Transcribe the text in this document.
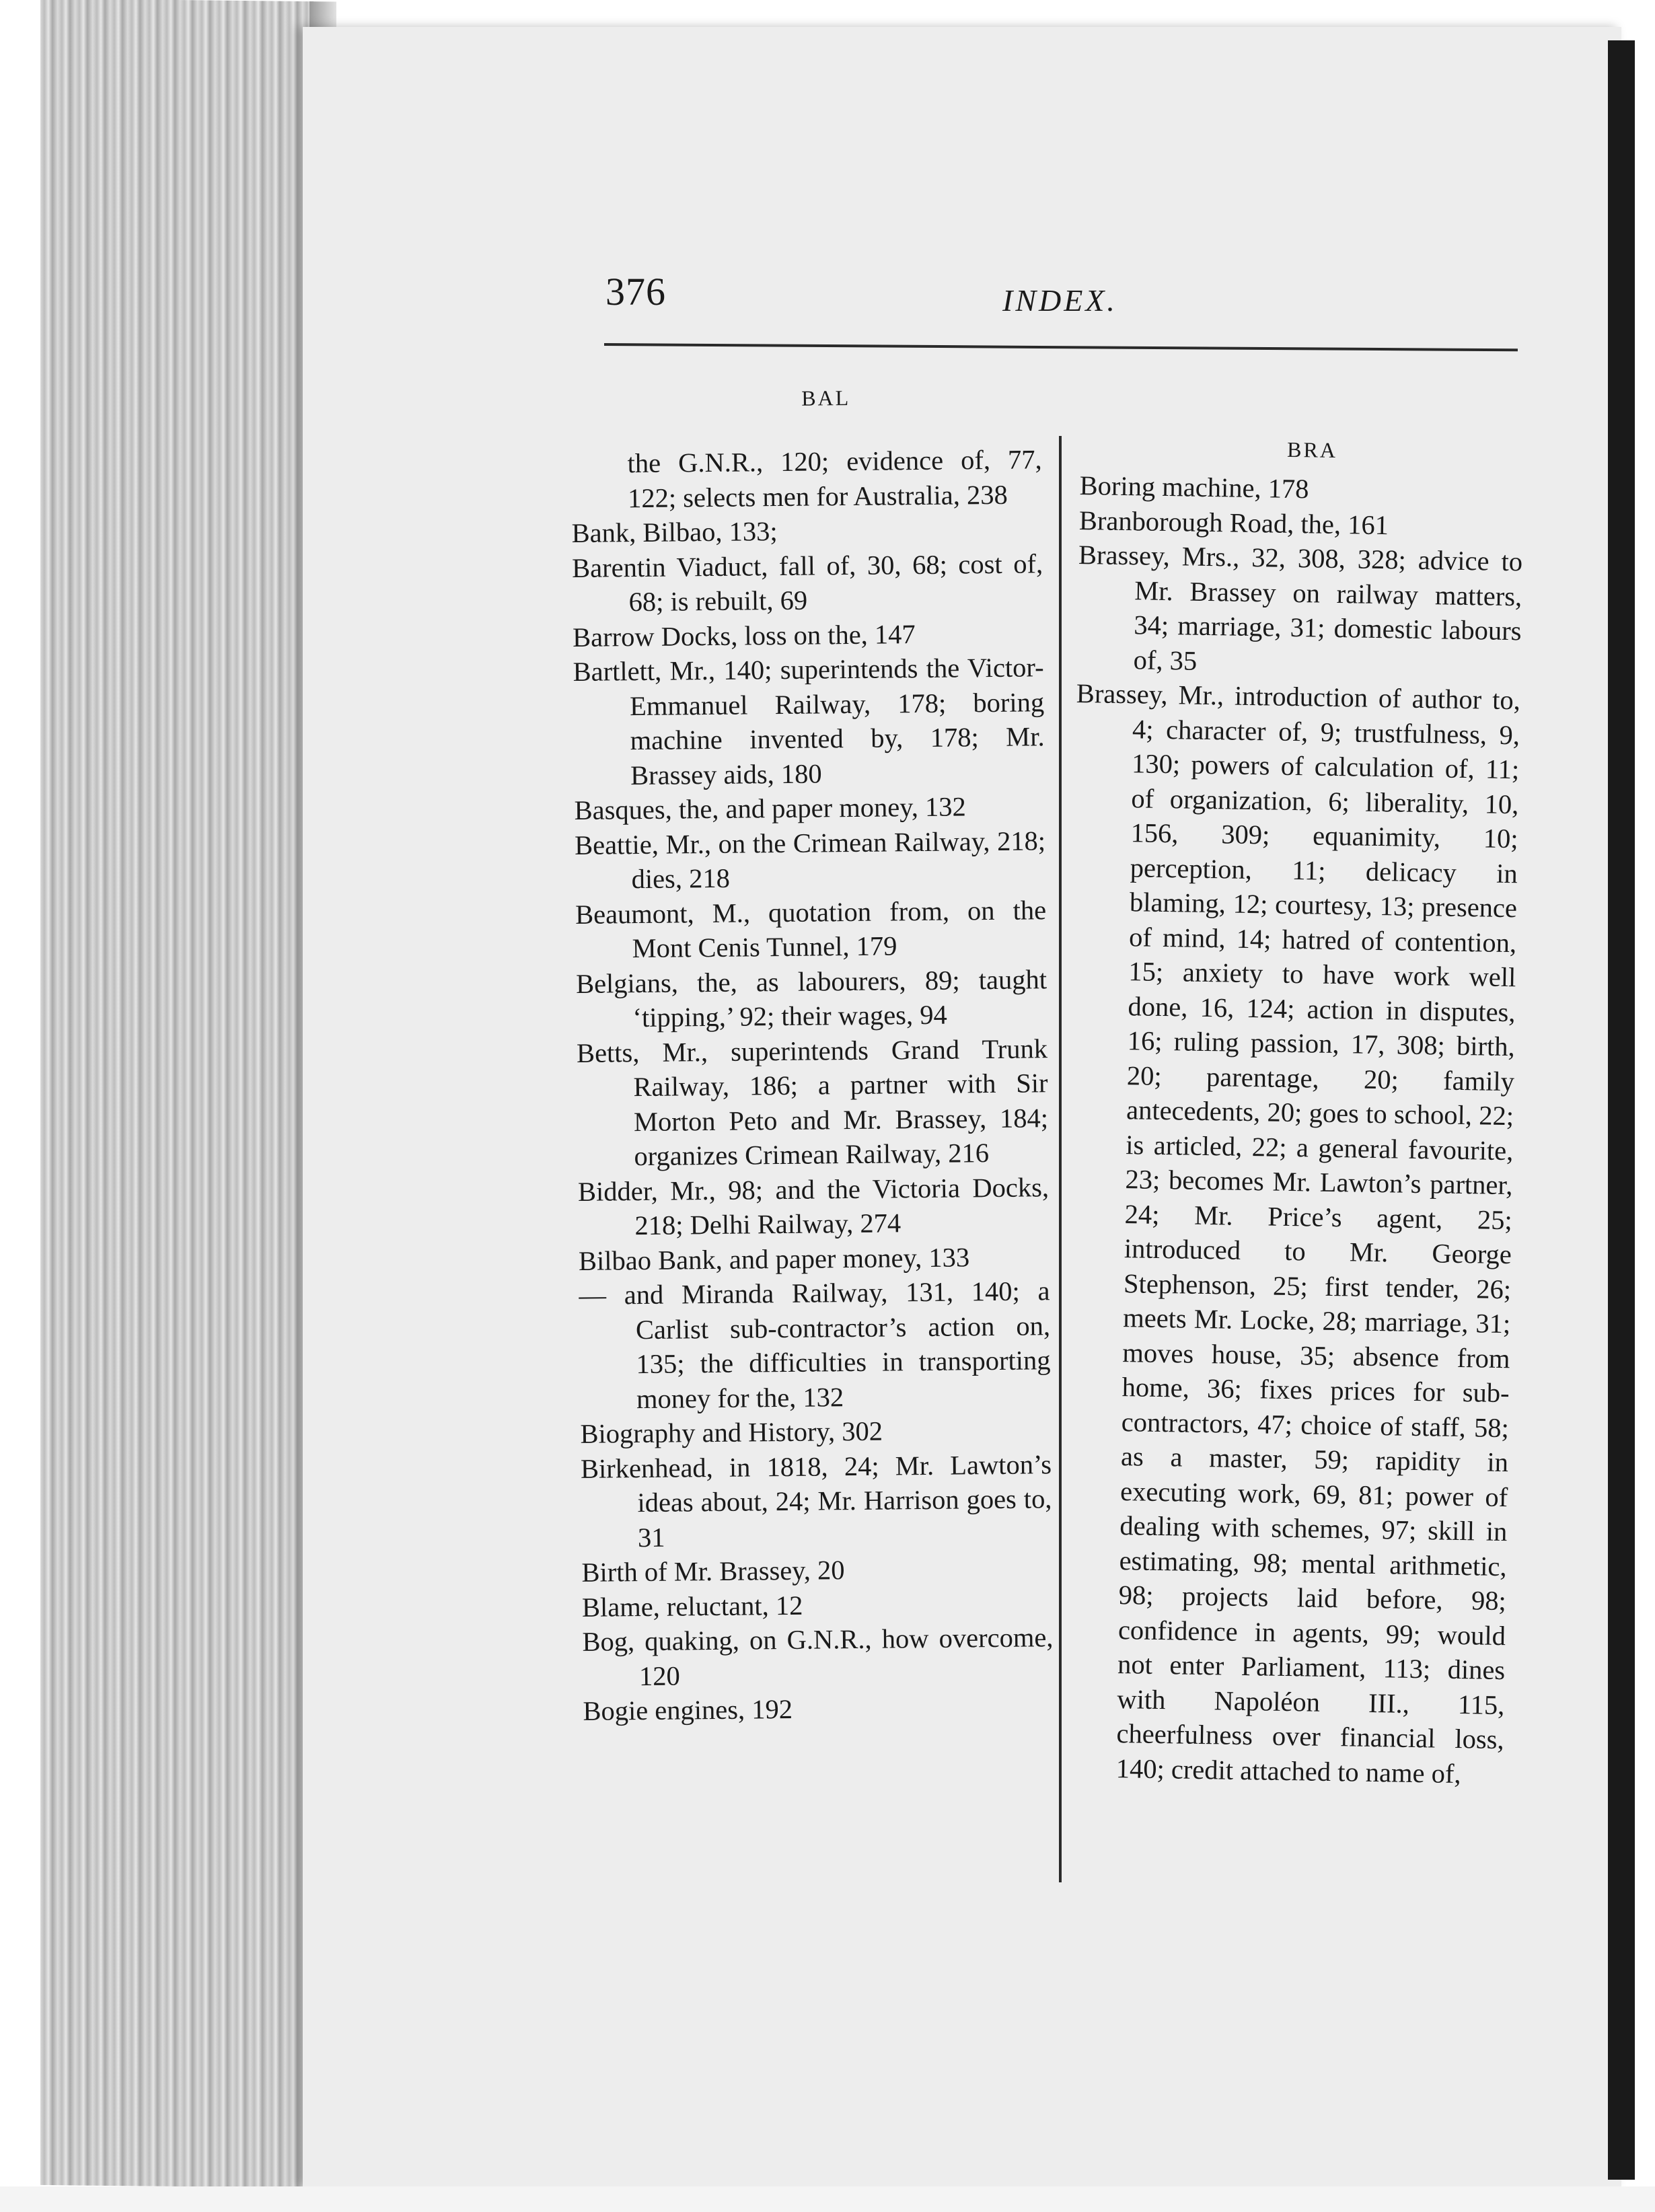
376	INDEX.
BAL

the G.N.R., 120; evidence of, 77, 122; selects men for Australia, 238

Bank, Bilbao, 133;

Barentin Viaduct, fall of, 30, 68; cost of, 68; is rebuilt, 69

Barrow Docks, loss on the, 147

Bartlett, Mr., 140; superintends the Victor-Emmanuel Railway, 178; boring machine invented by, 178; Mr. Brassey aids, 180

Basques, the, and paper money, 132

Beattie, Mr., on the Crimean Railway, 218; dies, 218

Beaumont, M., quotation from, on the Mont Cenis Tunnel, 179

Belgians, the, as labourers, 89; taught ‘tipping,’ 92; their wages, 94

Betts, Mr., superintends Grand Trunk Railway, 186; a partner with Sir Morton Peto and Mr. Brassey, 184; organizes Crimean Railway, 216

Bidder, Mr., 98; and the Victoria Docks, 218; Delhi Railway, 274

Bilbao Bank, and paper money, 133

— and Miranda Railway, 131, 140; a Carlist sub-contractor’s action on, 135; the difficulties in transporting money for the, 132

Biography and History, 302

Birkenhead, in 1818, 24; Mr. Lawton’s ideas about, 24; Mr. Harrison goes to, 31

Birth of Mr. Brassey, 20

Blame, reluctant, 12

Bog, quaking, on G.N.R., how overcome, 120

Bogie engines, 192

BRA

Boring machine, 178

Branborough Road, the, 161

Brassey, Mrs., 32, 308, 328; advice to Mr. Brassey on railway matters, 34; marriage, 31; domestic labours of, 35

Brassey, Mr., introduction of author to, 4; character of, 9; trustfulness, 9, 130; powers of calculation of, 11; of organization, 6; liberality, 10, 156, 309; equanimity, 10; perception, 11; delicacy in blaming, 12; courtesy, 13; presence of mind, 14; hatred of contention, 15; anxiety to have work well done, 16, 124; action in disputes, 16; ruling passion, 17, 308; birth, 20; parentage, 20; family antecedents, 20; goes to school, 22; is articled, 22; a general favourite, 23; becomes Mr. Lawton’s partner, 24; Mr. Price’s agent, 25; introduced to Mr. George Stephenson, 25; first tender, 26; meets Mr. Locke, 28; marriage, 31; moves house, 35; absence from home, 36; fixes prices for sub-contractors, 47; choice of staff, 58; as a master, 59; rapidity in executing work, 69, 81; power of dealing with schemes, 97; skill in estimating, 98; mental arithmetic, 98; projects laid before, 98; confidence in agents, 99; would not enter Parliament, 113; dines with Napoléon III., 115, cheerfulness over financial loss, 140; credit attached to name of,
